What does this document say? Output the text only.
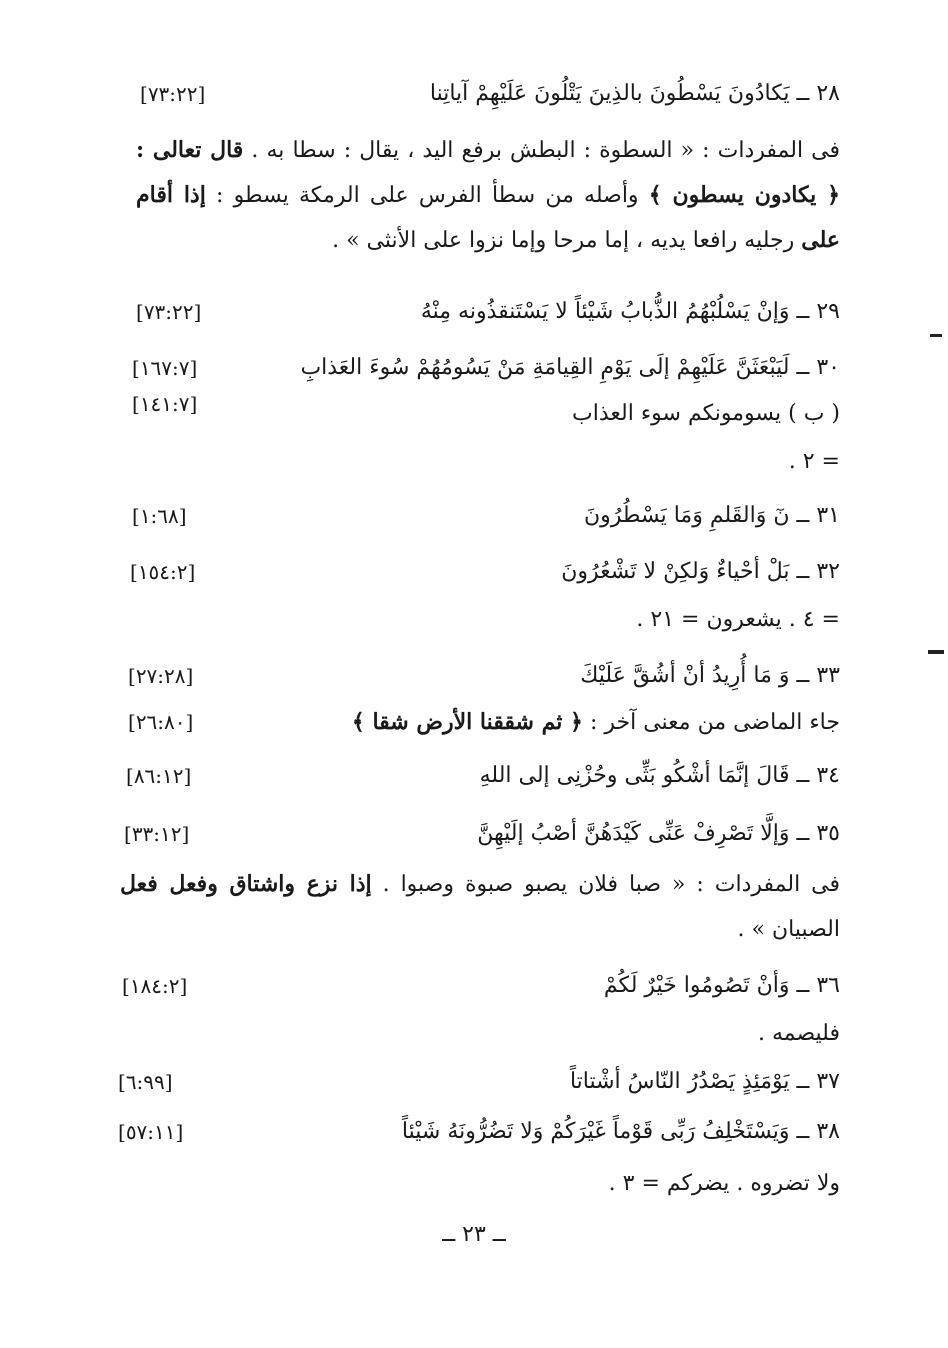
٢٨ ــ يَكادُونَ يَسْطُونَ بالذِينَ يَتْلُونَ عَلَيْهِمْ آياتِنا
[٧٣:٢٢]
فى المفردات : « السطوة : البطش برفع اليد ، يقال : سطا به . قال تعالى : ﴿ يكادون يسطون ﴾ وأصله من سطأ الفرس على الرمكة يسطو : إذا أقام على رجليه رافعا يديه ، إما مرحا وإما نزوا على الأنثى » .
٢٩ ــ وَإنْ يَسْلُبْهُمُ الذُّبابُ شَيْئاً لا يَسْتَنقذُونه مِنْهُ
[٧٣:٢٢]
٣٠ ــ لَيَبْعَثَنَّ عَلَيْهِمْ إلَى يَوْمِ القِيامَةِ مَنْ يَسُومُهُمْ سُوءَ العَذابِ
[١٦٧:٧]
( ب ) يسومونكم سوء العذاب
[١٤١:٧]
= ٢ .
٣١ ــ نٓ وَالقَلمِ وَمَا يَسْطُرُونَ
[١:٦٨]
٣٢ ــ بَلْ أحْياءٌ وَلكِنْ لا تَشْعُرُونَ
[١٥٤:٢]
= ٤ . يشعرون = ٢١ .
٣٣ ــ وَ مَا أُرِيدُ أنْ أشُقَّ عَلَيْكَ
[٢٧:٢٨]
جاء الماضى من معنى آخر : ﴿ ثم شققنا الأرض شقا ﴾
[٢٦:٨٠]
٣٤ ــ قَالَ إنَّمَا أشْكُو بَثِّى وحُزْنِى إلى اللهِ
[٨٦:١٢]
٣٥ ــ وَإلَّا تَصْرِفْ عَنِّى كَيْدَهُنَّ أصْبُ إلَيْهِنَّ
[٣٣:١٢]
فى المفردات : « صبا فلان يصبو صبوة وصبوا . إذا نزع واشتاق وفعل فعل الصبيان » .
٣٦ ــ وَأنْ تَصُومُوا خَيْرٌ لَكُمْ
[١٨٤:٢]
فليصمه .
٣٧ ــ يَوْمَئِذٍ يَصْدُرُ النّاسُ أشْتاتاً
[٦:٩٩]
٣٨ ــ وَيَسْتَخْلِفُ رَبِّى قَوْماً غَيْرَكُمْ وَلا تَضُرُّونَهُ شَيْئاً
[٥٧:١١]
ولا تضروه . يضركم = ٣ .
ــ ٢٣ ــ
